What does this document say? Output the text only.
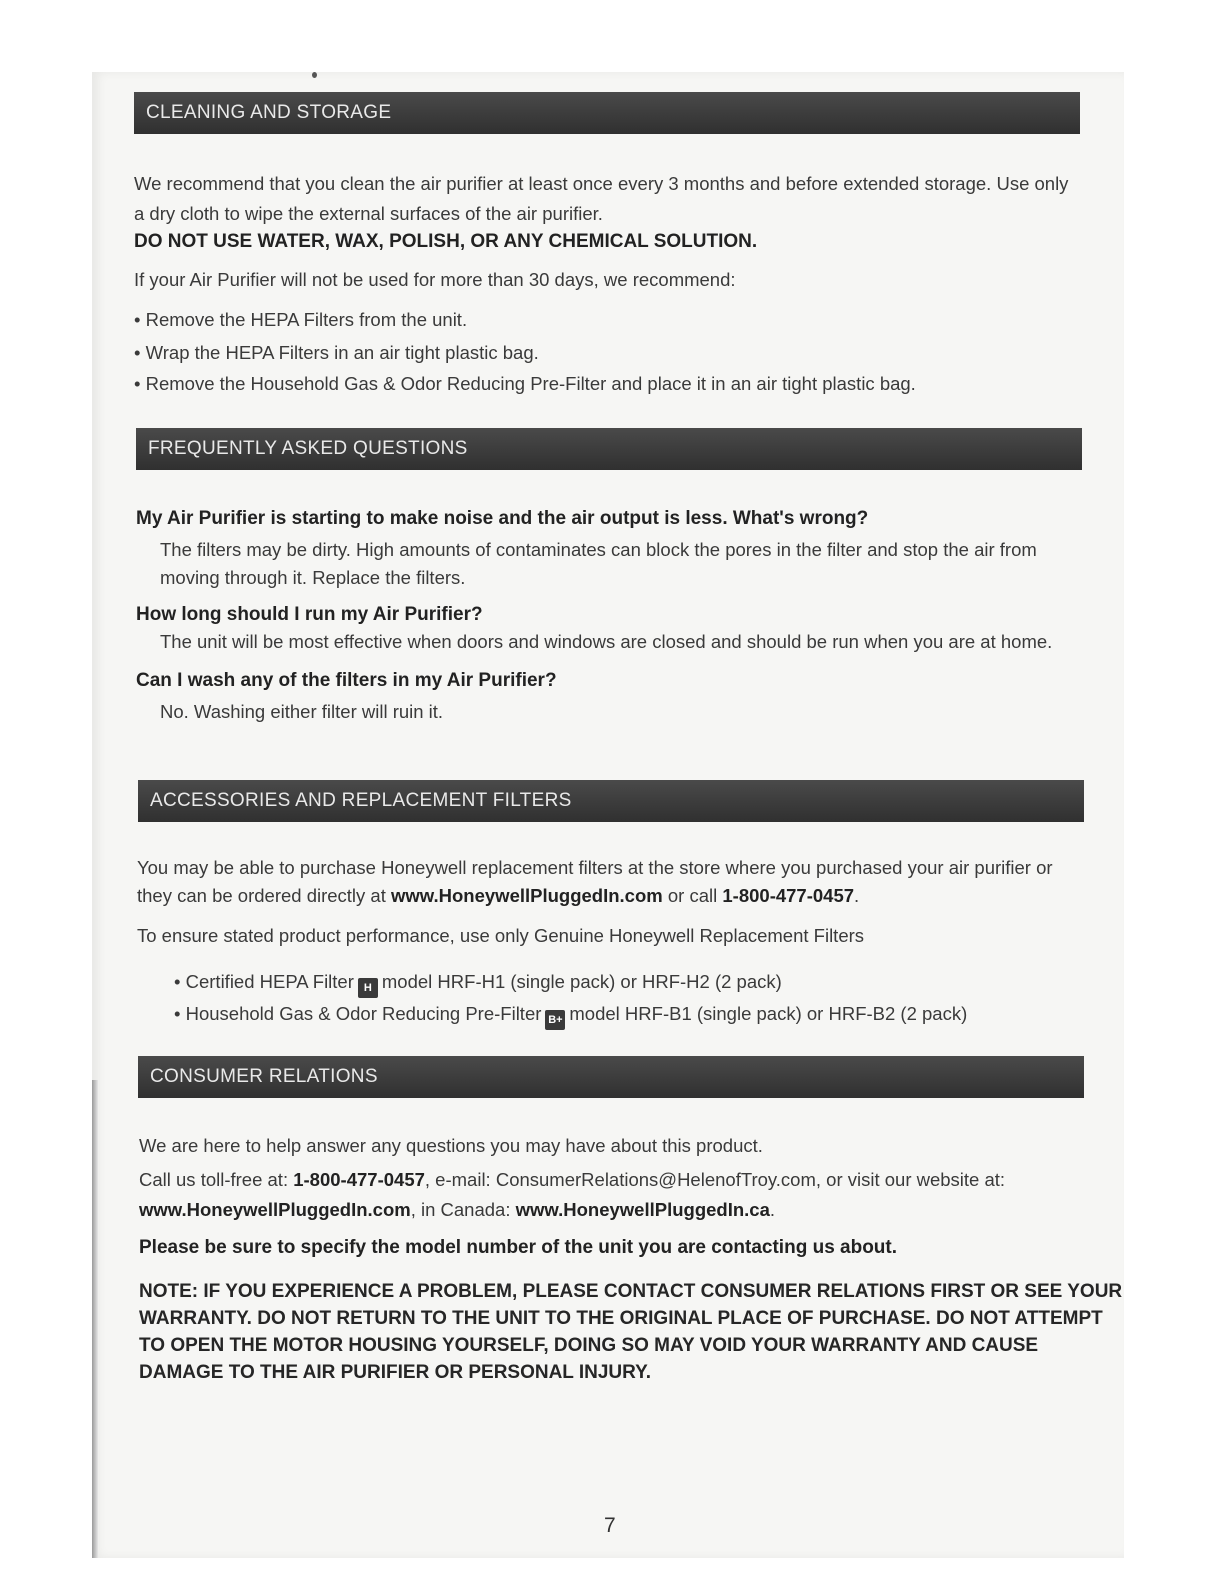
CLEANING AND STORAGE
We recommend that you clean the air purifier at least once every 3 months and before extended storage. Use only
a dry cloth to wipe the external surfaces of the air purifier.
DO NOT USE WATER, WAX, POLISH, OR ANY CHEMICAL SOLUTION.
If your Air Purifier will not be used for more than 30 days, we recommend:
• Remove the HEPA Filters from the unit.
• Wrap the HEPA Filters in an air tight plastic bag.
• Remove the Household Gas & Odor Reducing Pre-Filter and place it in an air tight plastic bag.
FREQUENTLY ASKED QUESTIONS
My Air Purifier is starting to make noise and the air output is less. What's wrong?
The filters may be dirty. High amounts of contaminates can block the pores in the filter and stop the air from
moving through it. Replace the filters.
How long should I run my Air Purifier?
The unit will be most effective when doors and windows are closed and should be run when you are at home.
Can I wash any of the filters in my Air Purifier?
No. Washing either filter will ruin it.
ACCESSORIES AND REPLACEMENT FILTERS
You may be able to purchase Honeywell replacement filters at the store where you purchased your air purifier or
they can be ordered directly at www.HoneywellPluggedIn.com or call 1-800-477-0457.
To ensure stated product performance, use only Genuine Honeywell Replacement Filters
• Certified HEPA Filter H model HRF-H1 (single pack) or HRF-H2 (2 pack)
• Household Gas & Odor Reducing Pre-Filter B+ model HRF-B1 (single pack) or HRF-B2 (2 pack)
CONSUMER RELATIONS
We are here to help answer any questions you may have about this product.
Call us toll-free at: 1-800-477-0457, e-mail: ConsumerRelations@HelenofTroy.com, or visit our website at:
www.HoneywellPluggedIn.com, in Canada: www.HoneywellPluggedIn.ca.
Please be sure to specify the model number of the unit you are contacting us about.
NOTE: IF YOU EXPERIENCE A PROBLEM, PLEASE CONTACT CONSUMER RELATIONS FIRST OR SEE YOUR
WARRANTY. DO NOT RETURN TO THE UNIT TO THE ORIGINAL PLACE OF PURCHASE. DO NOT ATTEMPT
TO OPEN THE MOTOR HOUSING YOURSELF, DOING SO MAY VOID YOUR WARRANTY AND CAUSE
DAMAGE TO THE AIR PURIFIER OR PERSONAL INJURY.
7
